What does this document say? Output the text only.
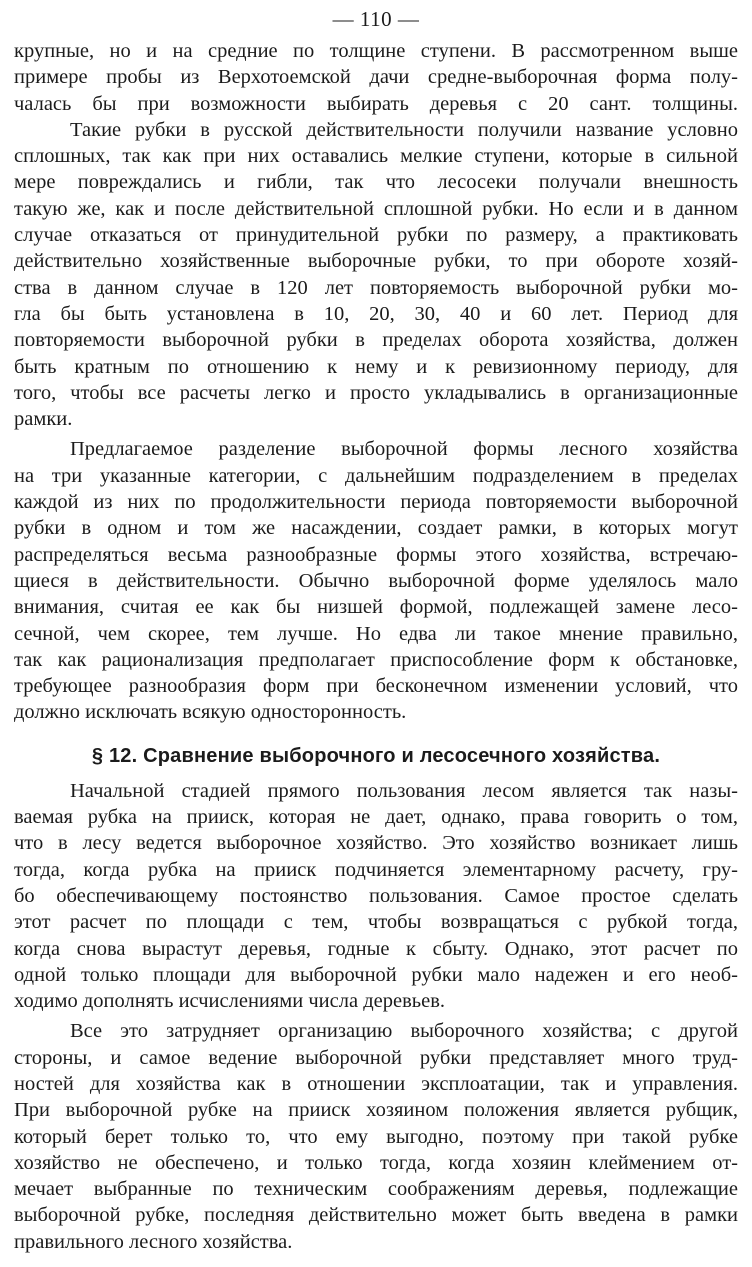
— 110 —

крупные, но и на средние по толщине ступени. В рассмотренном выше
примере пробы из Верхотоемской дачи средне-выборочная форма полу-
чалась бы при возможности выбирать деревья с 20 сант. толщины.

Такие рубки в русской действительности получили название условно
сплошных, так как при них оставались мелкие ступени, которые в сильной
мере повреждались и гибли, так что лесосеки получали внешность
такую же, как и после действительной сплошной рубки. Но если и в данном
случае отказаться от принудительной рубки по размеру, а практиковать
действительно хозяйственные выборочные рубки, то при обороте хозяй-
ства в данном случае в 120 лет повторяемость выборочной рубки мо-
гла бы быть установлена в 10, 20, 30, 40 и 60 лет. Период для
повторяемости выборочной рубки в пределах оборота хозяйства, должен
быть кратным по отношению к нему и к ревизионному периоду, для
того, чтобы все расчеты легко и просто укладывались в организационные
рамки.

Предлагаемое разделение выборочной формы лесного хозяйства
на три указанные категории, с дальнейшим подразделением в пределах
каждой из них по продолжительности периода повторяемости выборочной
рубки в одном и том же насаждении, создает рамки, в которых могут
распределяться весьма разнообразные формы этого хозяйства, встречаю-
щиеся в действительности. Обычно выборочной форме уделялось мало
внимания, считая ее как бы низшей формой, подлежащей замене лесо-
сечной, чем скорее, тем лучше. Но едва ли такое мнение правильно,
так как рационализация предполагает приспособление форм к обстановке,
требующее разнообразия форм при бесконечном изменении условий, что
должно исключать всякую односторонность.

§ 12. Сравнение выборочного и лесосечного хозяйства.

Начальной стадией прямого пользования лесом является так назы-
ваемая рубка на прииск, которая не дает, однако, права говорить о том,
что в лесу ведется выборочное хозяйство. Это хозяйство возникает лишь
тогда, когда рубка на прииск подчиняется элементарному расчету, гру-
бо обеспечивающему постоянство пользования. Самое простое сделать
этот расчет по площади с тем, чтобы возвращаться с рубкой тогда,
когда снова вырастут деревья, годные к сбыту. Однако, этот расчет по
одной только площади для выборочной рубки мало надежен и его необ-
ходимо дополнять исчислениями числа деревьев.

Все это затрудняет организацию выборочного хозяйства; с другой
стороны, и самое ведение выборочной рубки представляет много труд-
ностей для хозяйства как в отношении эксплоатации, так и управления.
При выборочной рубке на прииск хозяином положения является рубщик,
который берет только то, что ему выгодно, поэтому при такой рубке
хозяйство не обеспечено, и только тогда, когда хозяин клеймением от-
мечает выбранные по техническим соображениям деревья, подлежащие
выборочной рубке, последняя действительно может быть введена в рамки
правильного лесного хозяйства.
